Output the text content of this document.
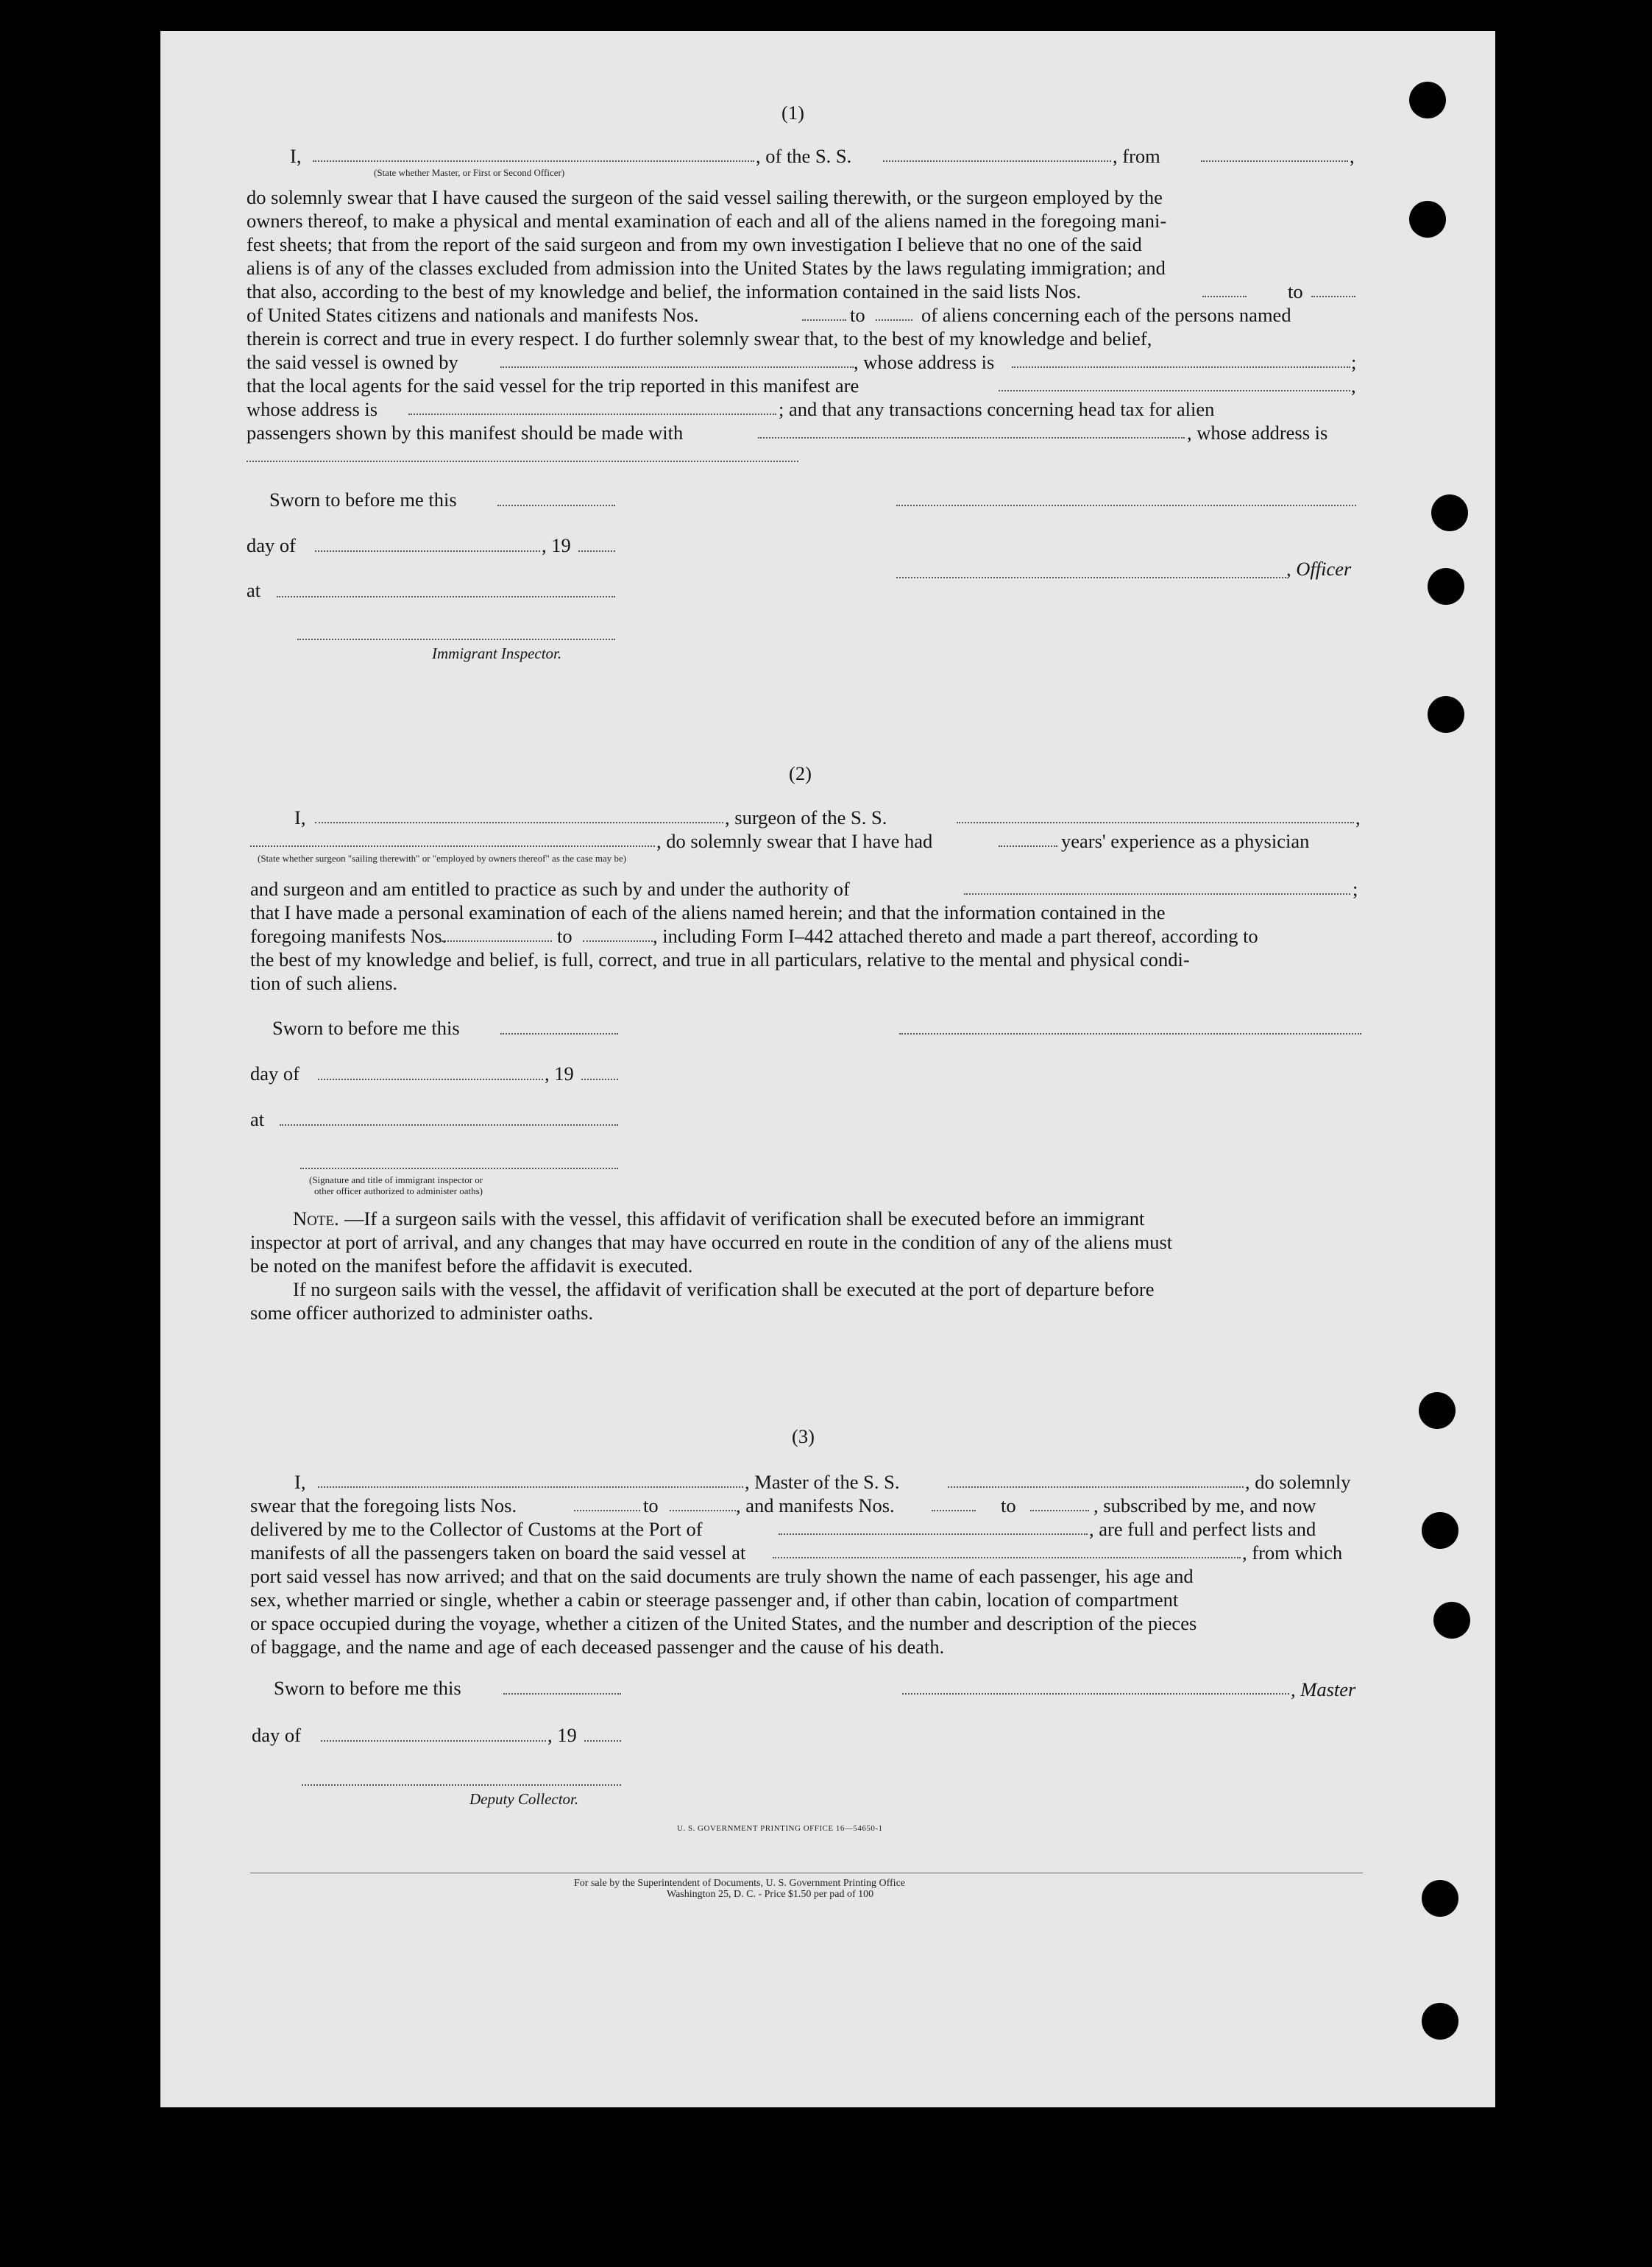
(1)
I,	, of the S. S.	, from	,
(State whether Master, or First or Second Officer)
do solemnly swear that I have caused the surgeon of the said vessel sailing therewith, or the surgeon employed by the
owners thereof, to make a physical and mental examination of each and all of the aliens named in the foregoing mani-
fest sheets; that from the report of the said surgeon and from my own investigation I believe that no one of the said
aliens is of any of the classes excluded from admission into the United States by the laws regulating immigration; and
that also, according to the best of my knowledge and belief, the information contained in the said lists Nos.	to
of United States citizens and nationals and manifests Nos.	to	of aliens concerning each of the persons named
therein is correct and true in every respect. I do further solemnly swear that, to the best of my knowledge and belief,
the said vessel is owned by	, whose address is	;
that the local agents for the said vessel for the trip reported in this manifest are	,
whose address is	; and that any transactions concerning head tax for alien
passengers shown by this manifest should be made with	, whose address is
Sworn to before me this
day of	, 19
, Officer
at
Immigrant Inspector.
(2)
I,	, surgeon of the S. S.	,
, do solemnly swear that I have had	years' experience as a physician
(State whether surgeon "sailing therewith" or "employed by owners thereof" as the case may be)
and surgeon and am entitled to practice as such by and under the authority of	;
that I have made a personal examination of each of the aliens named herein; and that the information contained in the
foregoing manifests Nos.	to	, including Form I–442 attached thereto and made a part thereof, according to
the best of my knowledge and belief, is full, correct, and true in all particulars, relative to the mental and physical condi-
tion of such aliens.
Sworn to before me this
day of	, 19
at
(Signature and title of immigrant inspector or
other officer authorized to administer oaths)
Note. —If a surgeon sails with the vessel, this affidavit of verification shall be executed before an immigrant
inspector at port of arrival, and any changes that may have occurred en route in the condition of any of the aliens must
be noted on the manifest before the affidavit is executed.
If no surgeon sails with the vessel, the affidavit of verification shall be executed at the port of departure before
some officer authorized to administer oaths.
(3)
I,	, Master of the S. S.	, do solemnly
swear that the foregoing lists Nos.	to	, and manifests Nos.	to	, subscribed by me, and now
delivered by me to the Collector of Customs at the Port of	, are full and perfect lists and
manifests of all the passengers taken on board the said vessel at	, from which
port said vessel has now arrived; and that on the said documents are truly shown the name of each passenger, his age and
sex, whether married or single, whether a cabin or steerage passenger and, if other than cabin, location of compartment
or space occupied during the voyage, whether a citizen of the United States, and the number and description of the pieces
of baggage, and the name and age of each deceased passenger and the cause of his death.
Sworn to before me this	, Master
day of	, 19
Deputy Collector.
U. S. GOVERNMENT PRINTING OFFICE 16—54650-1
For sale by the Superintendent of Documents, U. S. Government Printing Office
Washington 25, D. C. - Price $1.50 per pad of 100
